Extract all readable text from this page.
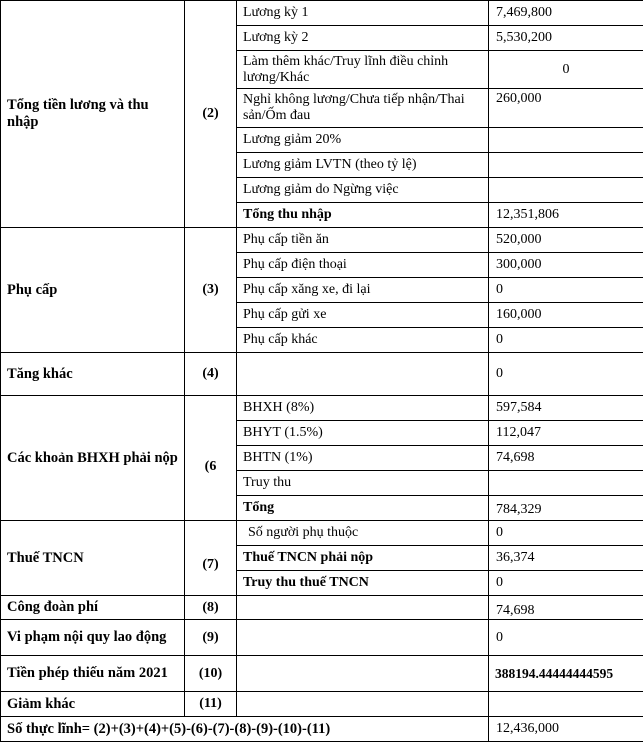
Tổng tiền lương và thu nhập	(2)	Lương kỳ 1	7,469,800
		Lương kỳ 2	5,530,200
		Làm thêm khác/Truy lĩnh điều chỉnh lương/Khác	0
		Nghỉ không lương/Chưa tiếp nhận/Thai sản/Ốm đau	260,000
		Lương giảm 20%	
		Lương giảm LVTN (theo tỷ lệ)	
		Lương giảm do Ngừng việc	
		Tổng thu nhập	12,351,806
Phụ cấp	(3)	Phụ cấp tiền ăn	520,000
		Phụ cấp điện thoại	300,000
		Phụ cấp xăng xe, đi lại	0
		Phụ cấp gửi xe	160,000
		Phụ cấp khác	0
Tăng khác	(4)		0
Các khoản BHXH phải nộp	(6	BHXH (8%)	597,584
		BHYT (1.5%)	112,047
		BHTN (1%)	74,698
		Truy thu	
		Tổng	784,329
Thuế TNCN	(7)	Số người phụ thuộc	0
		Thuế TNCN phải nộp	36,374
		Truy thu thuế TNCN	0
Công đoàn phí	(8)		74,698
Vi phạm nội quy lao động	(9)		0
Tiền phép thiếu năm 2021	(10)		388194.44444444595
Giảm khác	(11)		
Số thực lĩnh= (2)+(3)+(4)+(5)-(6)-(7)-(8)-(9)-(10)-(11)			12,436,000
